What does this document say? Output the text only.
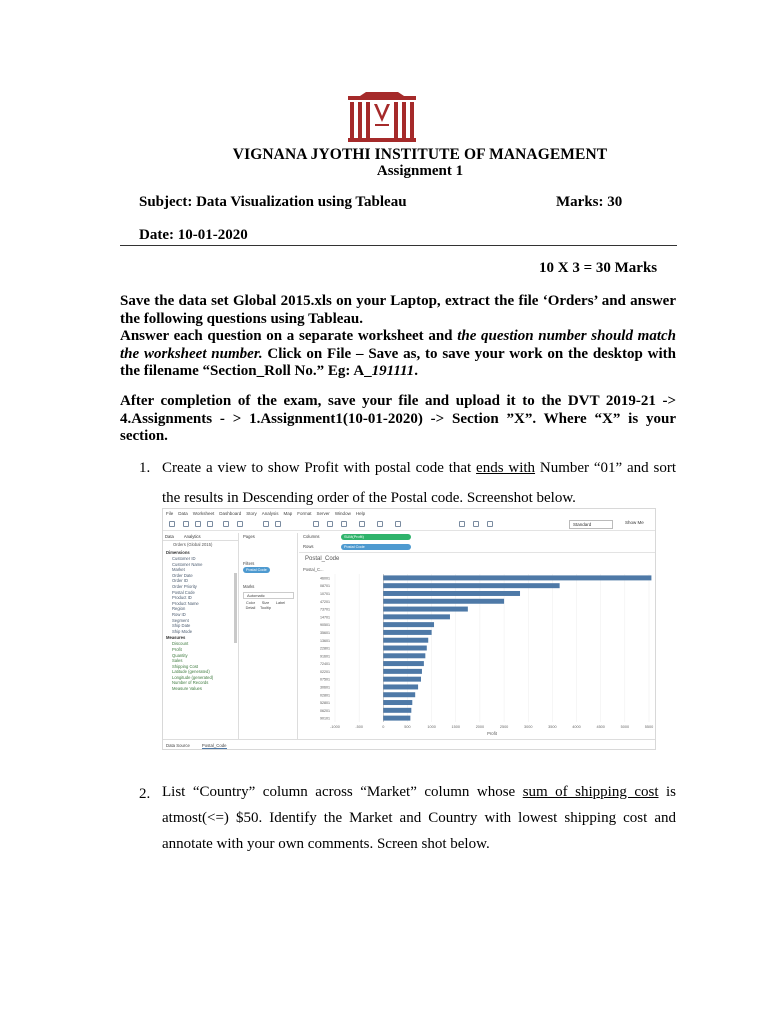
VIGNANA JYOTHI INSTITUTE OF MANAGEMENT
Assignment 1
Subject: Data Visualization using Tableau	Marks: 30
Date: 10-01-2020
10 X 3 = 30 Marks
Save the data set Global 2015.xls on your Laptop, extract the file ‘Orders’ and answer the following questions using Tableau.
Answer each question on a separate worksheet and the question number should match the worksheet number. Click on File – Save as, to save your work on the desktop with the filename “Section_Roll No.” Eg: A_191111.
After completion of the exam, save your file and upload it to the DVT 2019-21 -> 4.Assignments - > 1.Assignment1(10-01-2020) -> Section ”X”. Where “X” is your section.
1. Create a view to show Profit with postal code that ends with Number “01” and sort the results in Descending order of the Postal code. Screenshot below.
File Data Worksheet Dashboard Story Analysis Map Format Server Window Help
Standard	Show Me
Data Analytics
Orders (Global 2015)
Dimensions
Customer ID
Customer Name
Market
Order Date
Order ID
Order Priority
Postal Code
Product ID
Product Name
Region
Row ID
Segment
Ship Date
Ship Mode
Measures
Discount
Profit
Quantity
Sales
Shipping Cost
Latitude (generated)
Longitude (generated)
Number of Records
Measure Values
Pages
Filters
Postal Code
Marks
Automatic
Color Size Label
Detail Tooltip
Columns	SUM(Profit)
Rows	Postal Code
Postal_Code
Postal_C...
-1000	-500	0	500	1000	1500	2000	2500	3000	3500	4000	4500	5000	5500
46001
08701
10701
47201
73701
14701
90501
35601
13601
22801
91601
72401
02201
07501
30601
02801
52801
06201
90101
Profit
Data Source	Postal_Code
2. List “Country” column across “Market” column whose sum of shipping cost is atmost(<=) $50. Identify the Market and Country with lowest shipping cost and annotate with your own comments. Screen shot below.
